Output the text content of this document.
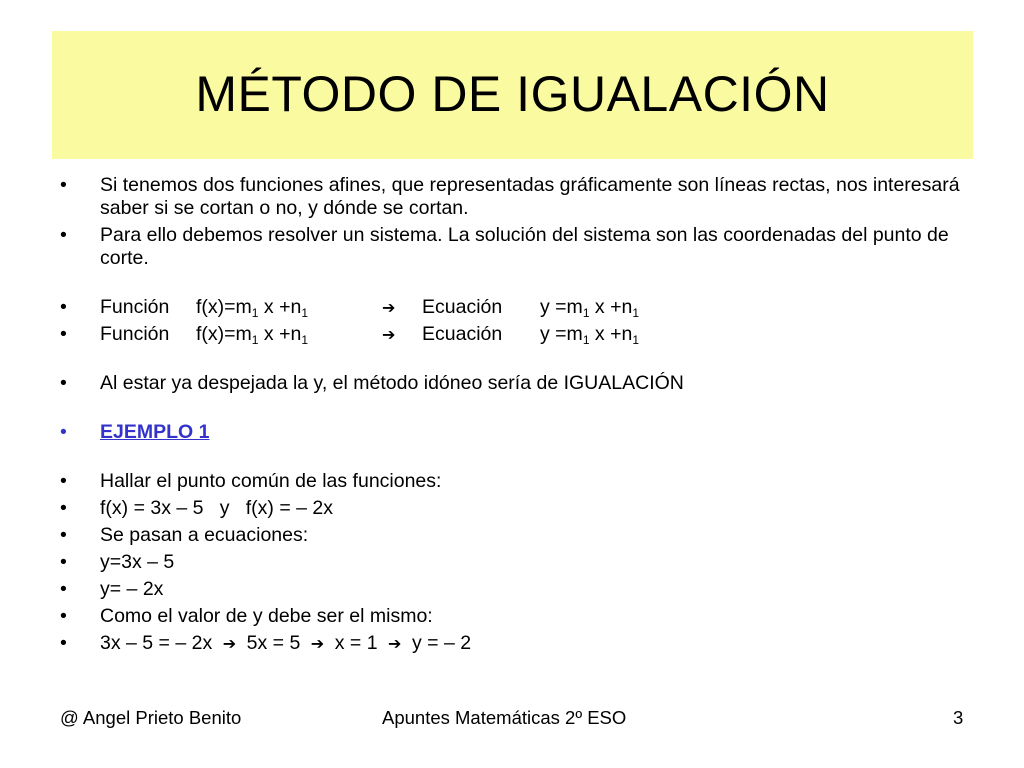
MÉTODO DE IGUALACIÓN
•	Si tenemos dos funciones afines, que representadas gráficamente son líneas rectas, nos interesará saber si se cortan o no, y dónde se cortan.
•	Para ello debemos resolver un sistema. La solución del sistema son las coordenadas del punto de corte.
•	Función $f(x)=m_1$ $x +n_1$	➔ Ecuación $y =m_1$ $x +n_1$
•	Función $f(x)=m_1$ $x +n_1$	➔ Ecuación $y =m_1$ $x +n_1$
•	Al estar ya despejada la y, el método idóneo sería de IGUALACIÓN
•	EJEMPLO 1
•	Hallar el punto común de las funciones:
•	f(x) = 3x – 5   y   f(x) = – 2x
•	Se pasan a ecuaciones:
•	y=3x – 5
•	y= – 2x
•	Como el valor de y debe ser el mismo:
•	3x – 5 = – 2x  ➔  5x = 5  ➔  x = 1  ➔  y = – 2
@ Angel Prieto Benito	Apuntes Matemáticas 2º ESO	3
